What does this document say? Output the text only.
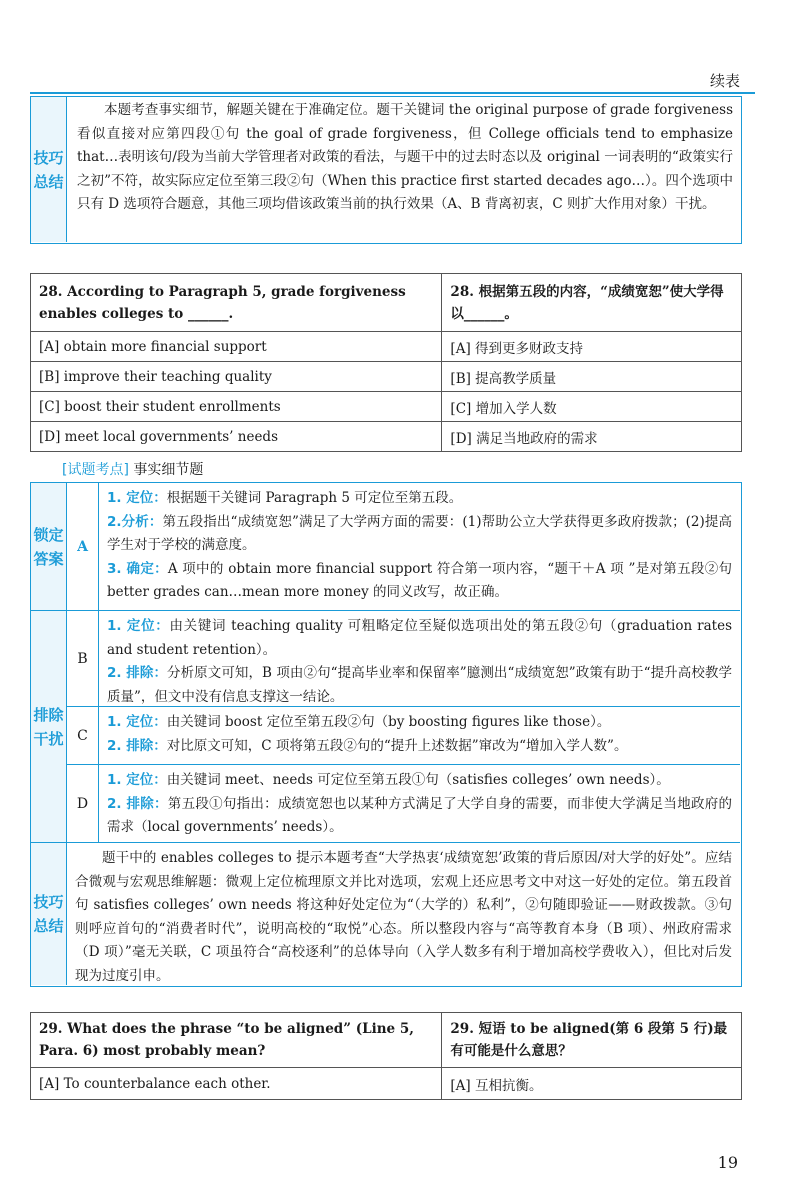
续表
技巧
总结
本题考查事实细节，解题关键在于准确定位。题干关键词 the original purpose of grade forgiveness 看似直接对应第四段①句 the goal of grade forgiveness，但 College officials tend to emphasize that…表明该句/段为当前大学管理者对政策的看法，与题干中的过去时态以及 original 一词表明的“政策实行之初”不符，故实际应定位至第三段②句（When this practice first started decades ago…）。四个选项中只有 D 选项符合题意，其他三项均借该政策当前的执行效果（A、B 背离初衷，C 则扩大作用对象）干扰。
28. According to Paragraph 5, grade forgiveness enables colleges to ______.	28. 根据第五段的内容，“成绩宽恕”使大学得以______。
[A] obtain more financial support	[A] 得到更多财政支持
[B] improve their teaching quality	[B] 提高教学质量
[C] boost their student enrollments	[C] 增加入学人数
[D] meet local governments’ needs	[D] 满足当地政府的需求
[试题考点] 事实细节题
锁定
答案
A
1. 定位：根据题干关键词 Paragraph 5 可定位至第五段。
2.分析：第五段指出“成绩宽恕”满足了大学两方面的需要：(1)帮助公立大学获得更多政府拨款；(2)提高学生对于学校的满意度。
3. 确定：A 项中的 obtain more financial support 符合第一项内容，“题干＋A 项 ”是对第五段②句 better grades can…mean more money 的同义改写，故正确。
排除
干扰
B
1. 定位：由关键词 teaching quality 可粗略定位至疑似选项出处的第五段②句（graduation rates and student retention）。
2. 排除：分析原文可知，B 项由②句“提高毕业率和保留率”臆测出“成绩宽恕”政策有助于“提升高校教学质量”，但文中没有信息支撑这一结论。
C
1. 定位：由关键词 boost 定位至第五段②句（by boosting figures like those）。
2. 排除：对比原文可知，C 项将第五段②句的“提升上述数据”窜改为“增加入学人数”。
D
1. 定位：由关键词 meet、needs 可定位至第五段①句（satisfies colleges’ own needs）。
2. 排除：第五段①句指出：成绩宽恕也以某种方式满足了大学自身的需要，而非使大学满足当地政府的需求（local governments’ needs）。
技巧
总结
题干中的 enables colleges to 提示本题考查“大学热衷‘成绩宽恕’政策的背后原因/对大学的好处”。应结合微观与宏观思维解题：微观上定位梳理原文并比对选项，宏观上还应思考文中对这一好处的定位。第五段首句 satisfies colleges’ own needs 将这种好处定位为“（大学的）私利”，②句随即验证——财政拨款。③句则呼应首句的“消费者时代”，说明高校的“取悦”心态。所以整段内容与“高等教育本身（B 项）、州政府需求（D 项）”毫无关联，C 项虽符合“高校逐利”的总体导向（入学人数多有利于增加高校学费收入），但比对后发现为过度引申。
29. What does the phrase “to be aligned” (Line 5, Para. 6) most probably mean?	29. 短语 to be aligned(第 6 段第 5 行)最有可能是什么意思？
[A] To counterbalance each other.	[A] 互相抗衡。
19
